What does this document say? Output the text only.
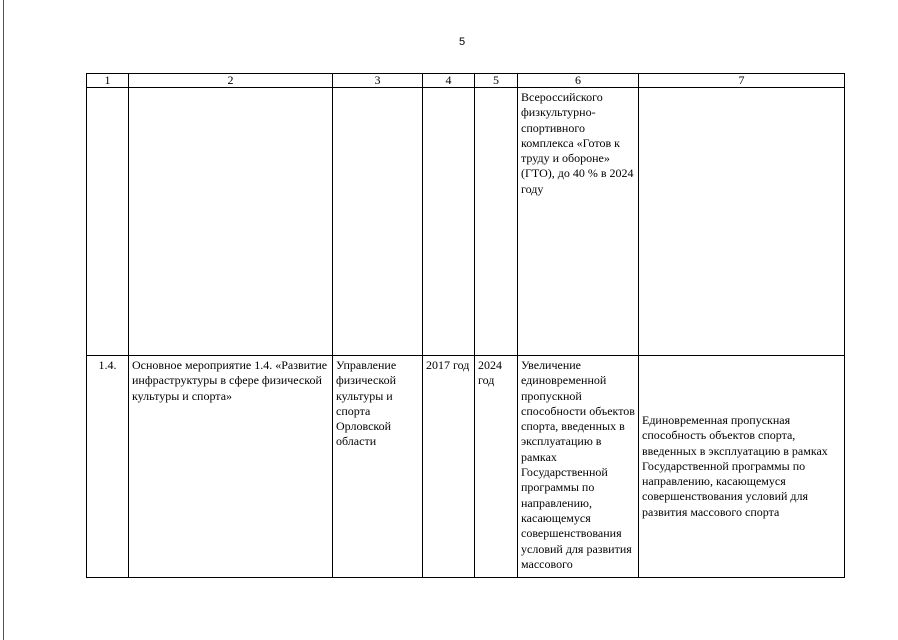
5
1	2	3	4	5	6	7
					Всероссийского физкультурно-спортивного комплекса «Готов к труду и обороне» (ГТО), до 40 % в 2024 году	
1.4.	Основное мероприятие 1.4. «Развитие инфраструктуры в сфере физической культуры и спорта»	Управление физической культуры и спорта Орловской области	2017 год	2024 год	Увеличение единовременной пропускной способности объектов спорта, введенных в эксплуатацию в рамках Государственной программы по направлению, касающемуся совершенствования условий для развития массового	Единовременная пропускная способность объектов спорта, введенных в эксплуатацию в рамках Государственной программы по направлению, касающемуся совершенствования условий для развития массового спорта
